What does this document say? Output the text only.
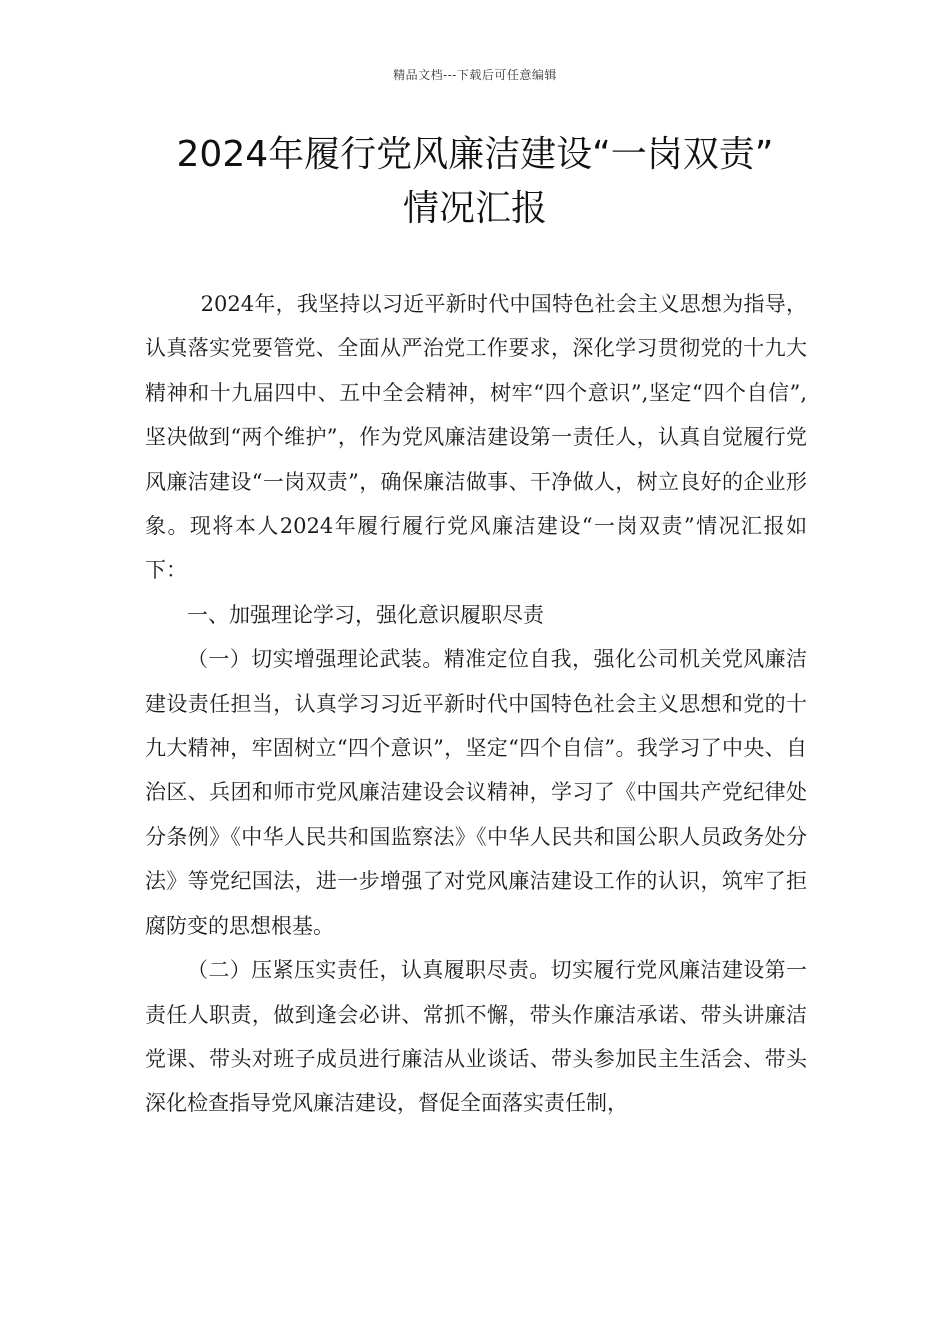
精品文档---下载后可任意编辑
2024年履行党风廉洁建设“一岗双责”
情况汇报

2024年，我坚持以习近平新时代中国特色社会主义思想为指导，认真落实党要管党、全面从严治党工作要求，深化学习贯彻党的十九大精神和十九届四中、五中全会精神，树牢“四个意识”,坚定“四个自信”,坚决做到“两个维护”，作为党风廉洁建设第一责任人，认真自觉履行党风廉洁建设“一岗双责”，确保廉洁做事、干净做人，树立良好的企业形象。现将本人2024年履行履行党风廉洁建设“一岗双责”情况汇报如下：

一、加强理论学习，强化意识履职尽责

（一）切实增强理论武装。精准定位自我，强化公司机关党风廉洁建设责任担当，认真学习习近平新时代中国特色社会主义思想和党的十九大精神，牢固树立“四个意识”，坚定“四个自信”。我学习了中央、自治区、兵团和师市党风廉洁建设会议精神，学习了《中国共产党纪律处分条例》《中华人民共和国监察法》《中华人民共和国公职人员政务处分法》等党纪国法，进一步增强了对党风廉洁建设工作的认识，筑牢了拒腐防变的思想根基。

（二）压紧压实责任，认真履职尽责。切实履行党风廉洁建设第一责任人职责，做到逢会必讲、常抓不懈，带头作廉洁承诺、带头讲廉洁党课、带头对班子成员进行廉洁从业谈话、带头参加民主生活会、带头深化检查指导党风廉洁建设，督促全面落实责任制，
